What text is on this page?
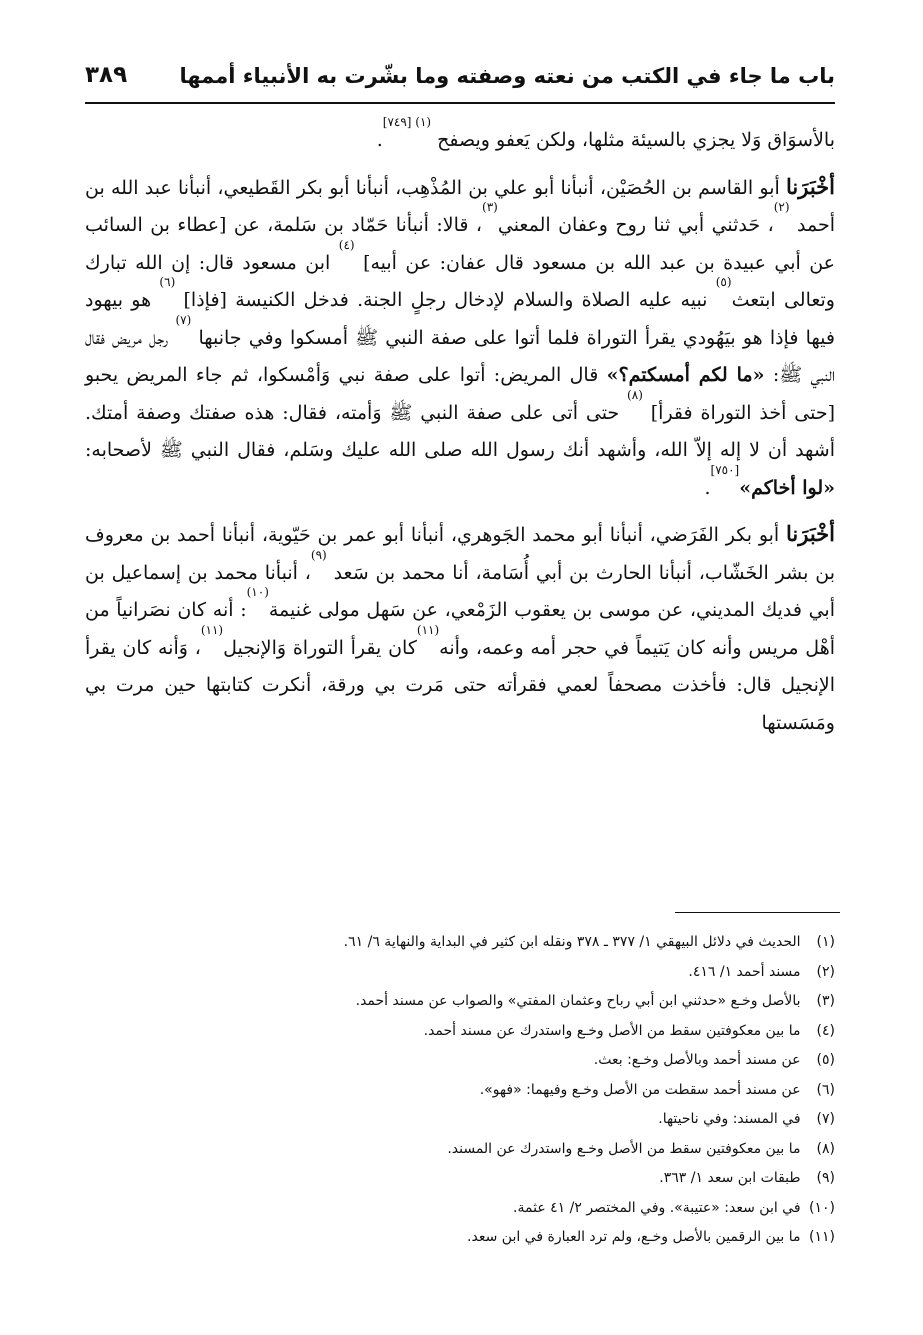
باب ما جاء في الكتب من نعته وصفته وما بشّرت به الأنبياء أممها
٣٨٩

بالأسوَاق وَلا يجزي بالسيئة مثلها، ولكن يَعفو ويصفح $^{(١) [٧٤٩]}$.

أخْبَرَنا أبو القاسم بن الحُصَيْن، أنبأنا أبو علي بن المُذْهِب، أنبأنا أبو بكر القَطيعي، أنبأنا عبد الله بن أحمد $^{(٢)}$، حَدثني أبي ثنا روح وعفان المعني$^{(٣)}$، قالا: أنبأنا حَمّاد بن سَلمة، عن [عطاء بن السائب عن أبي عبيدة بن عبد الله بن مسعود قال عفان: عن أبيه] $^{(٤)}$ ابن مسعود قال: إن الله تبارك وتعالى ابتعث$^{(٥)}$ نبيه عليه الصلاة والسلام لإدخال رجلٍ الجنة. فدخل الكنيسة [فإذا] $^{(٦)}$ هو بيهود فيها فإذا هو بيَهُودي يقرأ التوراة فلما أتوا على صفة النبي ﷺ أمسكوا وفي جانبها $^{(٧)}$ رجل مريض فقال النبي ﷺ: «ما لكم أمسكتم؟» قال المريض: أتوا على صفة نبي وَأمْسكوا، ثم جاء المريض يحبو [حتى أخذ التوراة فقرأ] $^{(٨)}$ حتى أتى على صفة النبي ﷺ وَأمته، فقال: هذه صفتك وصفة أمتك. أشهد أن لا إله إلاّ الله، وأشهد أنك رسول الله صلى الله عليك وسَلم، فقال النبي ﷺ لأصحابه: «لوا أخاكم»[٧٥٠].

أخْبَرَنا أبو بكر الفَرَضي، أنبأنا أبو محمد الجَوهري، أنبأنا أبو عمر بن حَيّوية، أنبأنا أحمد بن معروف بن بشر الخَشّاب، أنبأنا الحارث بن أبي أُسَامة، أنا محمد بن سَعد $^{(٩)}$، أنبأنا محمد بن إسماعيل بن أبي فديك المديني، عن موسى بن يعقوب الزَمْعي، عن سَهل مولى غنيمة$^{(١٠)}$: أنه كان نصَرانياً من أهْل مريس وأنه كان يَتيماً في حجر أمه وعمه، وأنه$^{(١١)}$كان يقرأ التوراة وَالإنجيل$^{(١١)}$، وَأنه كان يقرأ الإنجيل قال: فأخذت مصحفاً لعمي فقرأته حتى مَرت بي ورقة، أنكرت كتابتها حين مرت بي ومَسَستها

(١) الحديث في دلائل البيهقي ١/ ٣٧٧ ـ ٣٧٨ ونقله ابن كثير في البداية والنهاية ٦/ ٦١.
(٢) مسند أحمد ١/ ٤١٦.
(٣) بالأصل وخـع «حدثني ابن أبي رباح وعثمان المفتي» والصواب عن مسند أحمد.
(٤) ما بين معكوفتين سقط من الأصل وخـع واستدرك عن مسند أحمد.
(٥) عن مسند أحمد وبالأصل وخـع: بعث.
(٦) عن مسند أحمد سقطت من الأصل وخـع وفيهما: «فهو».
(٧) في المسند: وفي ناحيتها.
(٨) ما بين معكوفتين سقط من الأصل وخـع واستدرك عن المسند.
(٩) طبقات ابن سعد ١/ ٣٦٣.
(١٠) في ابن سعد: «عتيبة». وفي المختصر ٢/ ٤١ عثمة.
(١١) ما بين الرقمين بالأصل وخـع، ولم ترد العبارة في ابن سعد.
